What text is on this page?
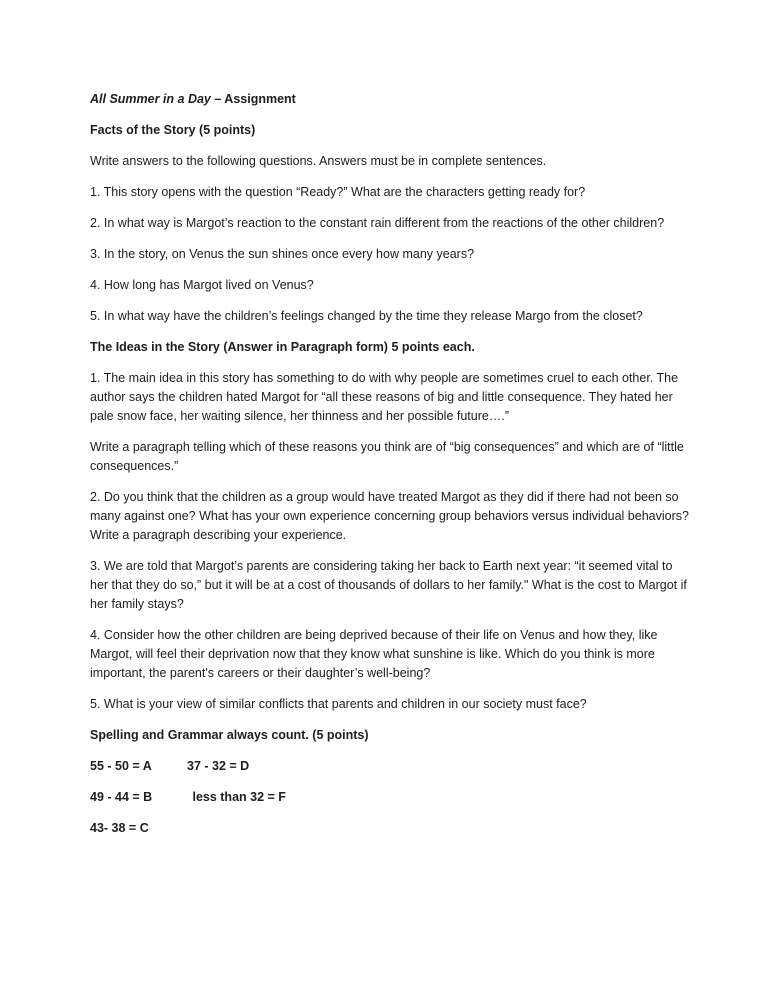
All Summer in a Day – Assignment

Facts of the Story (5 points)

Write answers to the following questions. Answers must be in complete sentences.

1. This story opens with the question “Ready?” What are the characters getting ready for?

2. In what way is Margot’s reaction to the constant rain different from the reactions of the other children?

3. In the story, on Venus the sun shines once every how many years?

4. How long has Margot lived on Venus?

5. In what way have the children’s feelings changed by the time they release Margo from the closet?

The Ideas in the Story (Answer in Paragraph form) 5 points each.

1. The main idea in this story has something to do with why people are sometimes cruel to each other. The author says the children hated Margot for “all these reasons of big and little consequence. They hated her pale snow face, her waiting silence, her thinness and her possible future….”

Write a paragraph telling which of these reasons you think are of “big consequences” and which are of “little consequences.”

2. Do you think that the children as a group would have treated Margot as they did if there had not been so many against one? What has your own experience concerning group behaviors versus individual behaviors? Write a paragraph describing your experience.

3. We are told that Margot’s parents are considering taking her back to Earth next year: “it seemed vital to her that they do so,” but it will be at a cost of thousands of dollars to her family." What is the cost to Margot if her family stays?

4. Consider how the other children are being deprived because of their life on Venus and how they, like Margot, will feel their deprivation now that they know what sunshine is like. Which do you think is more important, the parent's careers or their daughter’s well-being?

5. What is your view of similar conflicts that parents and children in our society must face?

Spelling and Grammar always count. (5 points)

55 - 50 = A	37 - 32 = D
49 - 44 = B	less than 32 = F
43- 38 = C
